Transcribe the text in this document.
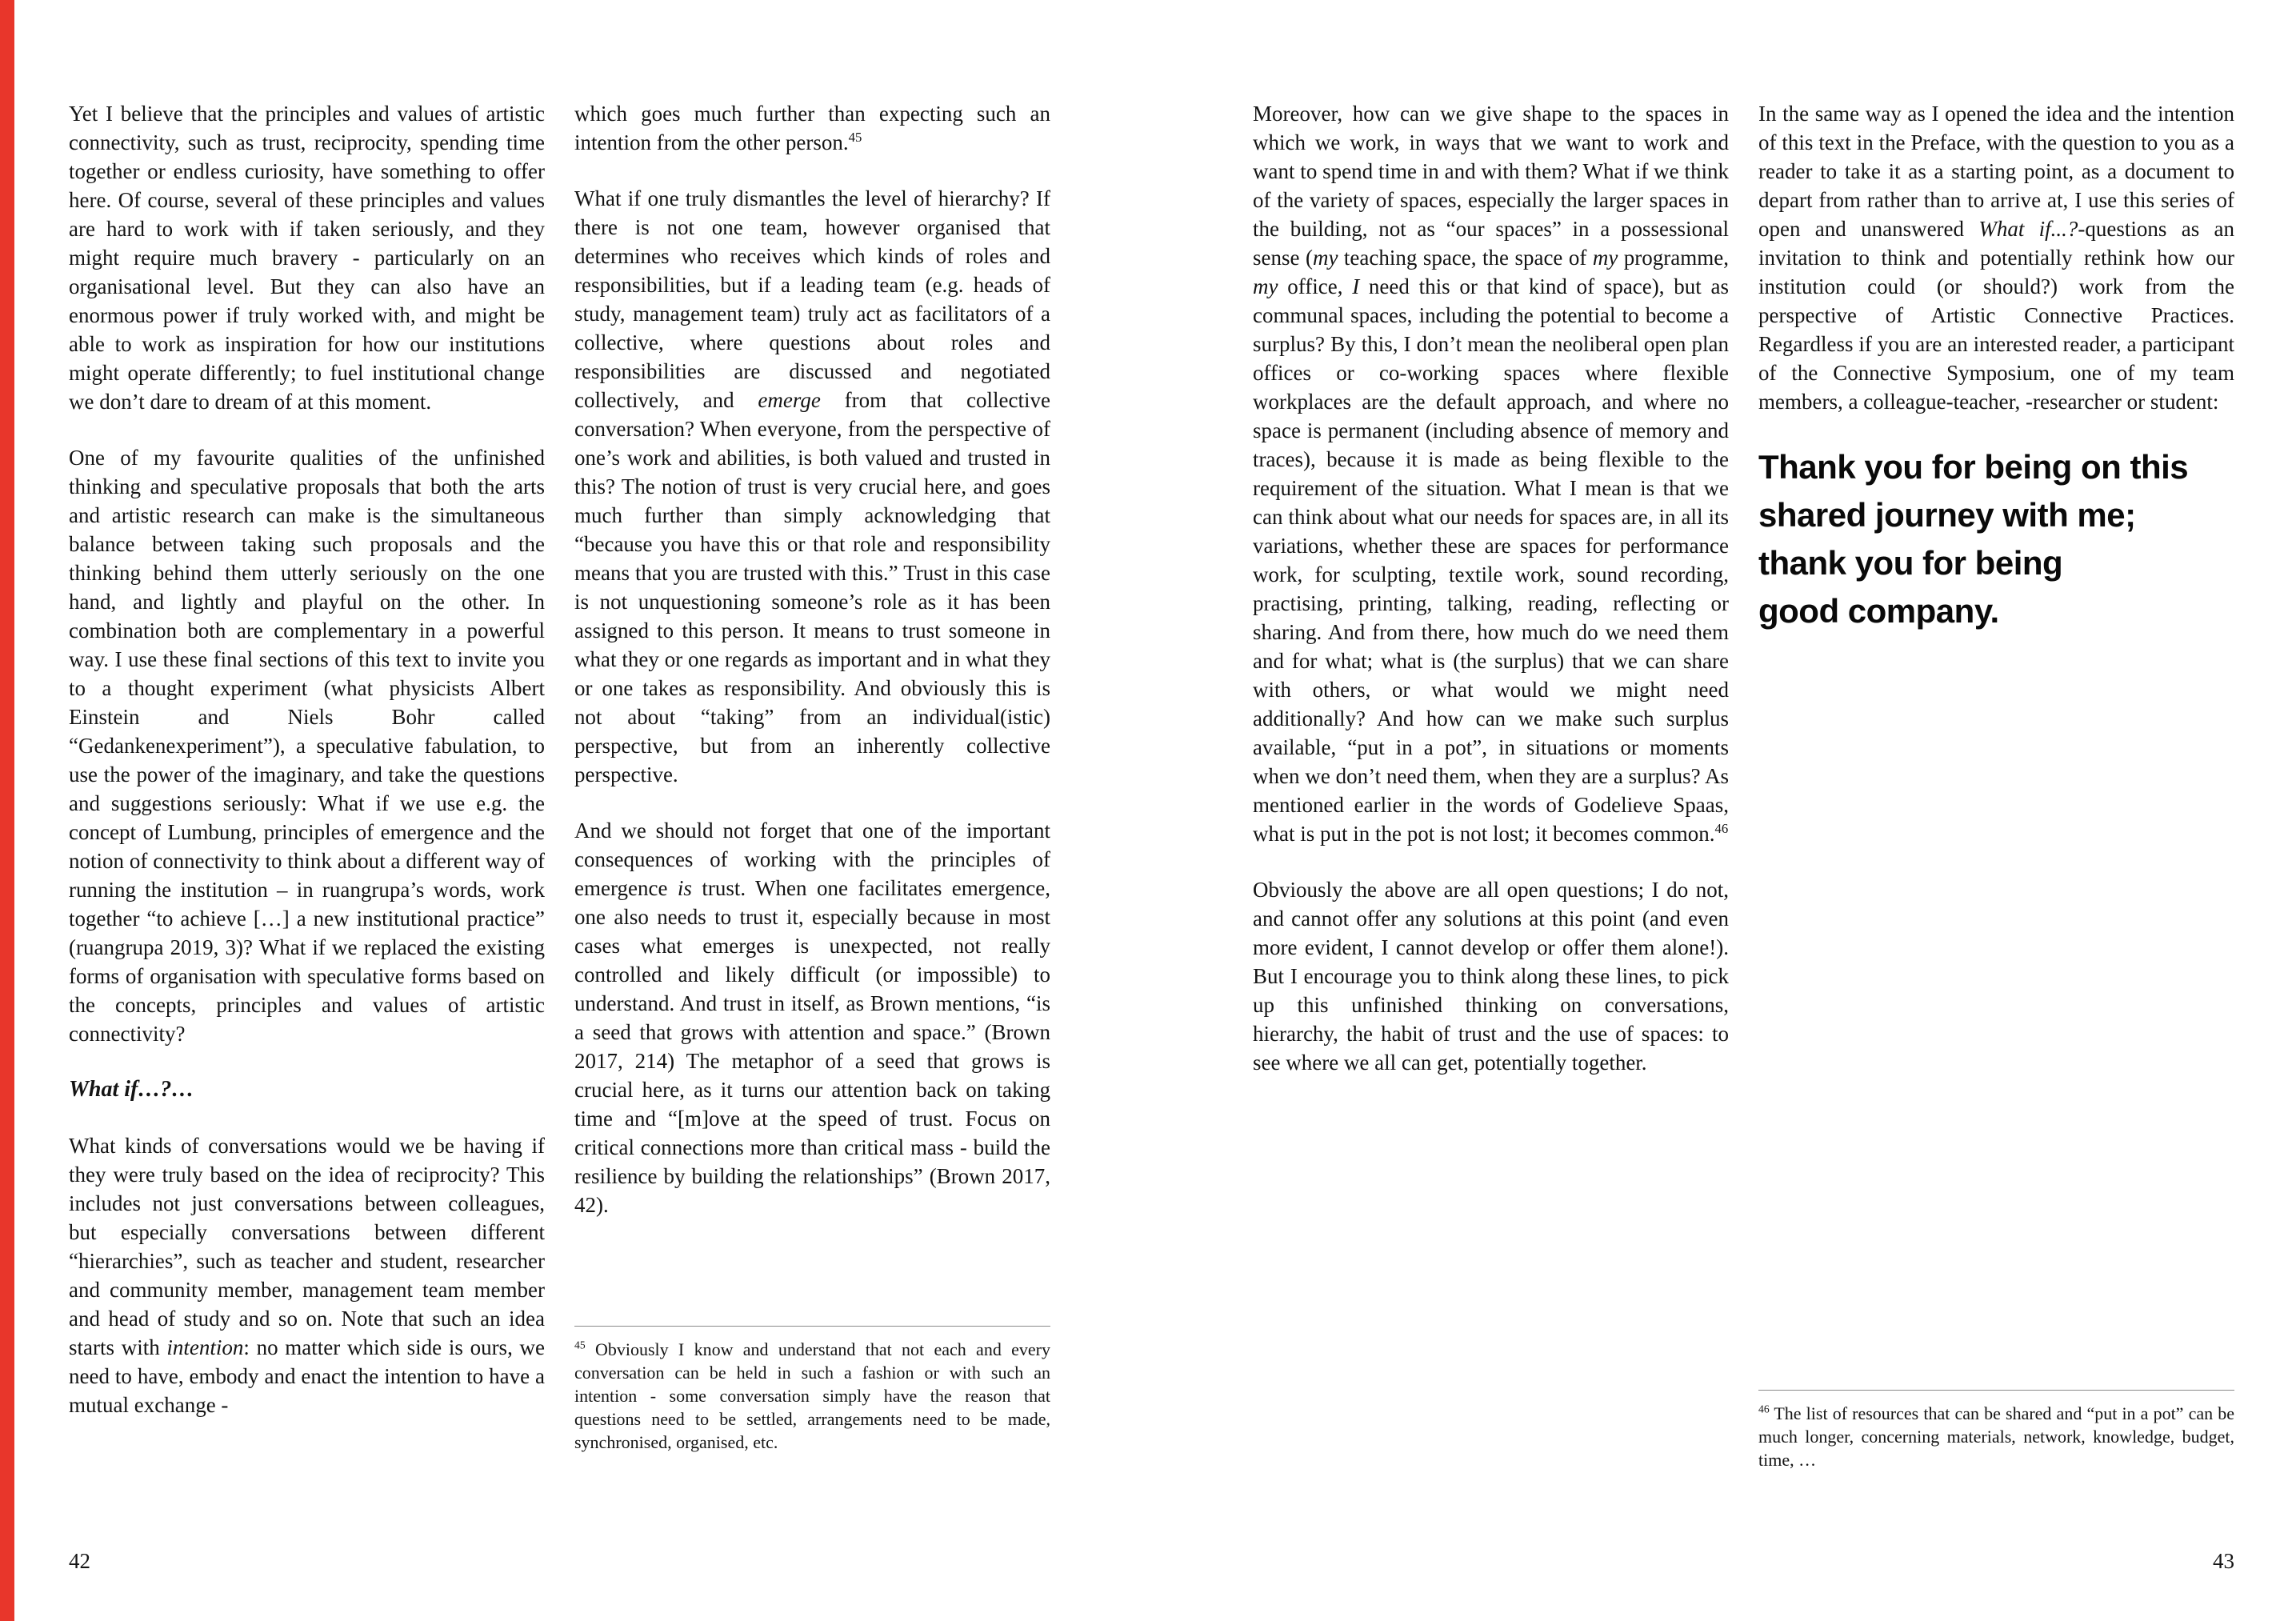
Yet I believe that the principles and values of artistic connectivity, such as trust, reciprocity, spending time together or endless curiosity, have something to offer here. Of course, several of these principles and values are hard to work with if taken seriously, and they might require much bravery - particularly on an organisational level. But they can also have an enormous power if truly worked with, and might be able to work as inspiration for how our institutions might operate differently; to fuel institutional change we don’t dare to dream of at this moment.

One of my favourite qualities of the unfinished thinking and speculative proposals that both the arts and artistic research can make is the simultaneous balance between taking such proposals and the thinking behind them utterly seriously on the one hand, and lightly and playful on the other. In combination both are complementary in a powerful way. I use these final sections of this text to invite you to a thought experiment (what physicists Albert Einstein and Niels Bohr called “Gedankenexperiment”), a speculative fabulation, to use the power of the imaginary, and take the questions and suggestions seriously: What if we use e.g. the concept of Lumbung, principles of emergence and the notion of connectivity to think about a different way of running the institution – in ruangrupa’s words, work together “to achieve […] a new institutional practice” (ruangrupa 2019, 3)? What if we replaced the existing forms of organisation with speculative forms based on the concepts, principles and values of artistic connectivity?

What if…?…

What kinds of conversations would we be having if they were truly based on the idea of reciprocity? This includes not just conversations between colleagues, but especially conversations between different “hierarchies”, such as teacher and student, researcher and community member, management team member and head of study and so on. Note that such an idea starts with intention: no matter which side is ours, we need to have, embody and enact the intention to have a mutual exchange -

which goes much further than expecting such an intention from the other person.$^{45}$

What if one truly dismantles the level of hierarchy? If there is not one team, however organised that determines who receives which kinds of roles and responsibilities, but if a leading team (e.g. heads of study, management team) truly act as facilitators of a collective, where questions about roles and responsibilities are discussed and negotiated collectively, and emerge from that collective conversation? When everyone, from the perspective of one’s work and abilities, is both valued and trusted in this? The notion of trust is very crucial here, and goes much further than simply acknowledging that “because you have this or that role and responsibility means that you are trusted with this.” Trust in this case is not unquestioning someone’s role as it has been assigned to this person. It means to trust someone in what they or one regards as important and in what they or one takes as responsibility. And obviously this is not about “taking” from an individual(istic) perspective, but from an inherently collective perspective.

And we should not forget that one of the important consequences of working with the principles of emergence is trust. When one facilitates emergence, one also needs to trust it, especially because in most cases what emerges is unexpected, not really controlled and likely difficult (or impossible) to understand. And trust in itself, as Brown mentions, “is a seed that grows with attention and space.” (Brown 2017, 214) The metaphor of a seed that grows is crucial here, as it turns our attention back on taking time and “[m]ove at the speed of trust. Focus on critical connections more than critical mass - build the resilience by building the relationships” (Brown 2017, 42).

$^{45}$ Obviously I know and understand that not each and every conversation can be held in such a fashion or with such an intention - some conversation simply have the reason that questions need to be settled, arrangements need to be made, synchronised, organised, etc.

Moreover, how can we give shape to the spaces in which we work, in ways that we want to work and want to spend time in and with them? What if we think of the variety of spaces, especially the larger spaces in the building, not as “our spaces” in a possessional sense (my teaching space, the space of my programme, my office, I need this or that kind of space), but as communal spaces, including the potential to become a surplus? By this, I don’t mean the neoliberal open plan offices or co-working spaces where flexible workplaces are the default approach, and where no space is permanent (including absence of memory and traces), because it is made as being flexible to the requirement of the situation. What I mean is that we can think about what our needs for spaces are, in all its variations, whether these are spaces for performance work, for sculpting, textile work, sound recording, practising, printing, talking, reading, reflecting or sharing. And from there, how much do we need them and for what; what is (the surplus) that we can share with others, or what would we might need additionally? And how can we make such surplus available, “put in a pot”, in situations or moments when we don’t need them, when they are a surplus? As mentioned earlier in the words of Godelieve Spaas, what is put in the pot is not lost; it becomes common.$^{46}$

Obviously the above are all open questions; I do not, and cannot offer any solutions at this point (and even more evident, I cannot develop or offer them alone!). But I encourage you to think along these lines, to pick up this unfinished thinking on conversations, hierarchy, the habit of trust and the use of spaces: to see where we all can get, potentially together.

In the same way as I opened the idea and the intention of this text in the Preface, with the question to you as a reader to take it as a starting point, as a document to depart from rather than to arrive at, I use this series of open and unanswered What if...?-questions as an invitation to think and potentially rethink how our institution could (or should?) work from the perspective of Artistic Connective Practices. Regardless if you are an interested reader, a participant of the Connective Symposium, one of my team members, a colleague-teacher, -researcher or student:

Thank you for being on this
shared journey with me;
thank you for being
good company.
$^{46}$ The list of resources that can be shared and “put in a pot” can be much longer, concerning materials, network, knowledge, budget, time, …
42	43
